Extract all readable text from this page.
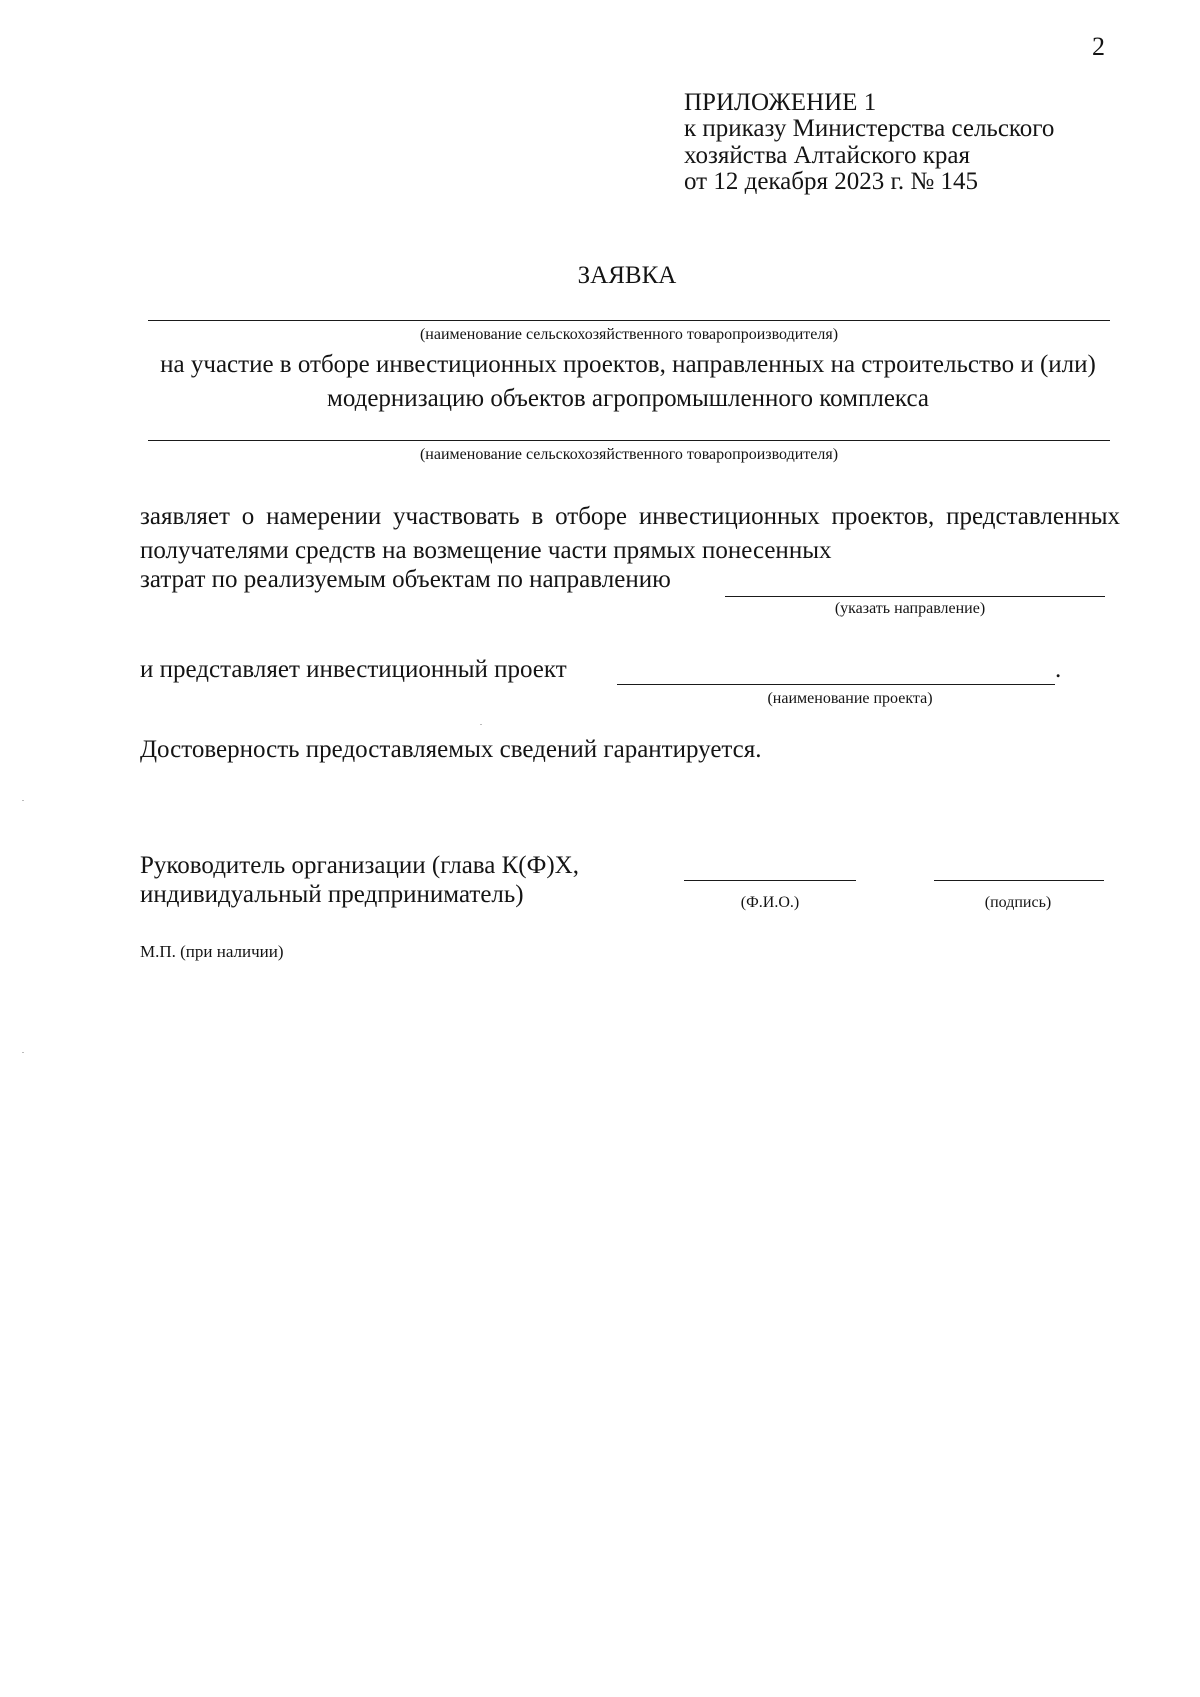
2
ПРИЛОЖЕНИЕ 1
к приказу Министерства сельского
хозяйства Алтайского края
от 12 декабря 2023 г. № 145
ЗАЯВКА
(наименование сельскохозяйственного товаропроизводителя)
на участие в отборе инвестиционных проектов, направленных на строительство и (или) модернизацию объектов агропромышленного комплекса
(наименование сельскохозяйственного товаропроизводителя)
заявляет о намерении участвовать в отборе инвестиционных проектов, представленных получателями средств на возмещение части прямых понесенных
затрат по реализуемым объектам по направлению
(указать направление)
и представляет инвестиционный проект	.
(наименование проекта)
Достоверность предоставляемых сведений гарантируется.
Руководитель организации (глава К(Ф)Х,
индивидуальный предприниматель)	(Ф.И.О.)	(подпись)
М.П. (при наличии)
